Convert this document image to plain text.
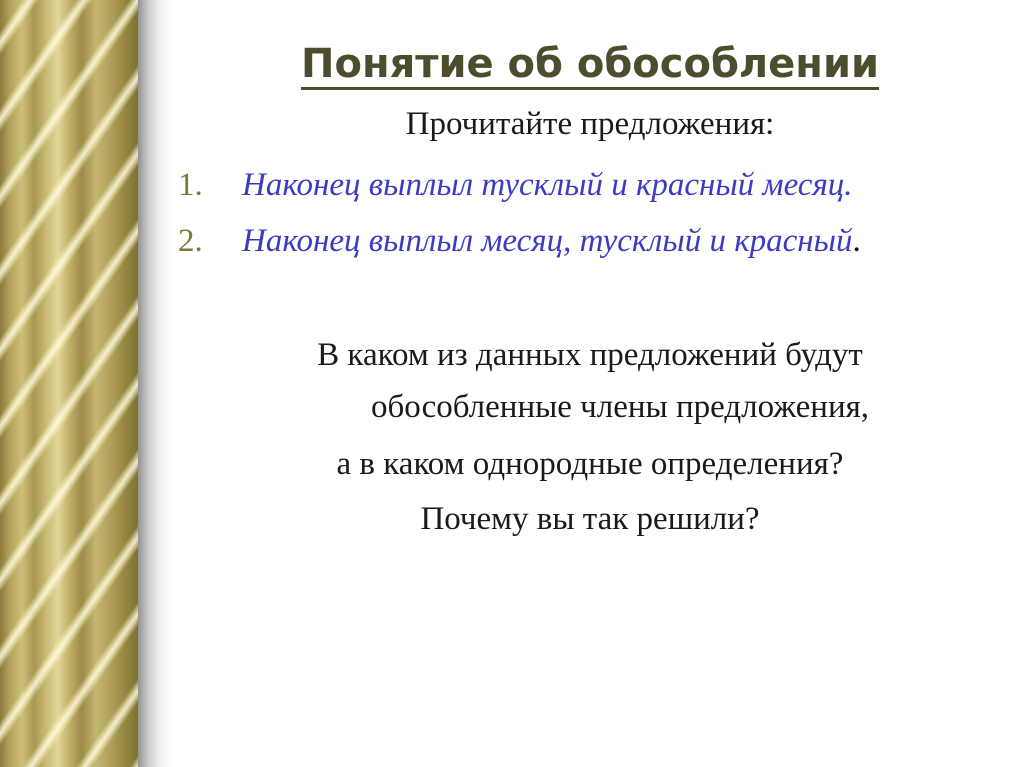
Понятие об обособлении
Прочитайте предложения:
1. Наконец выплыл тусклый и красный месяц.
2. Наконец выплыл месяц, тусклый и красный.
В каком из данных предложений будут
обособленные члены предложения,
а в каком однородные определения?
Почему вы так решили?
